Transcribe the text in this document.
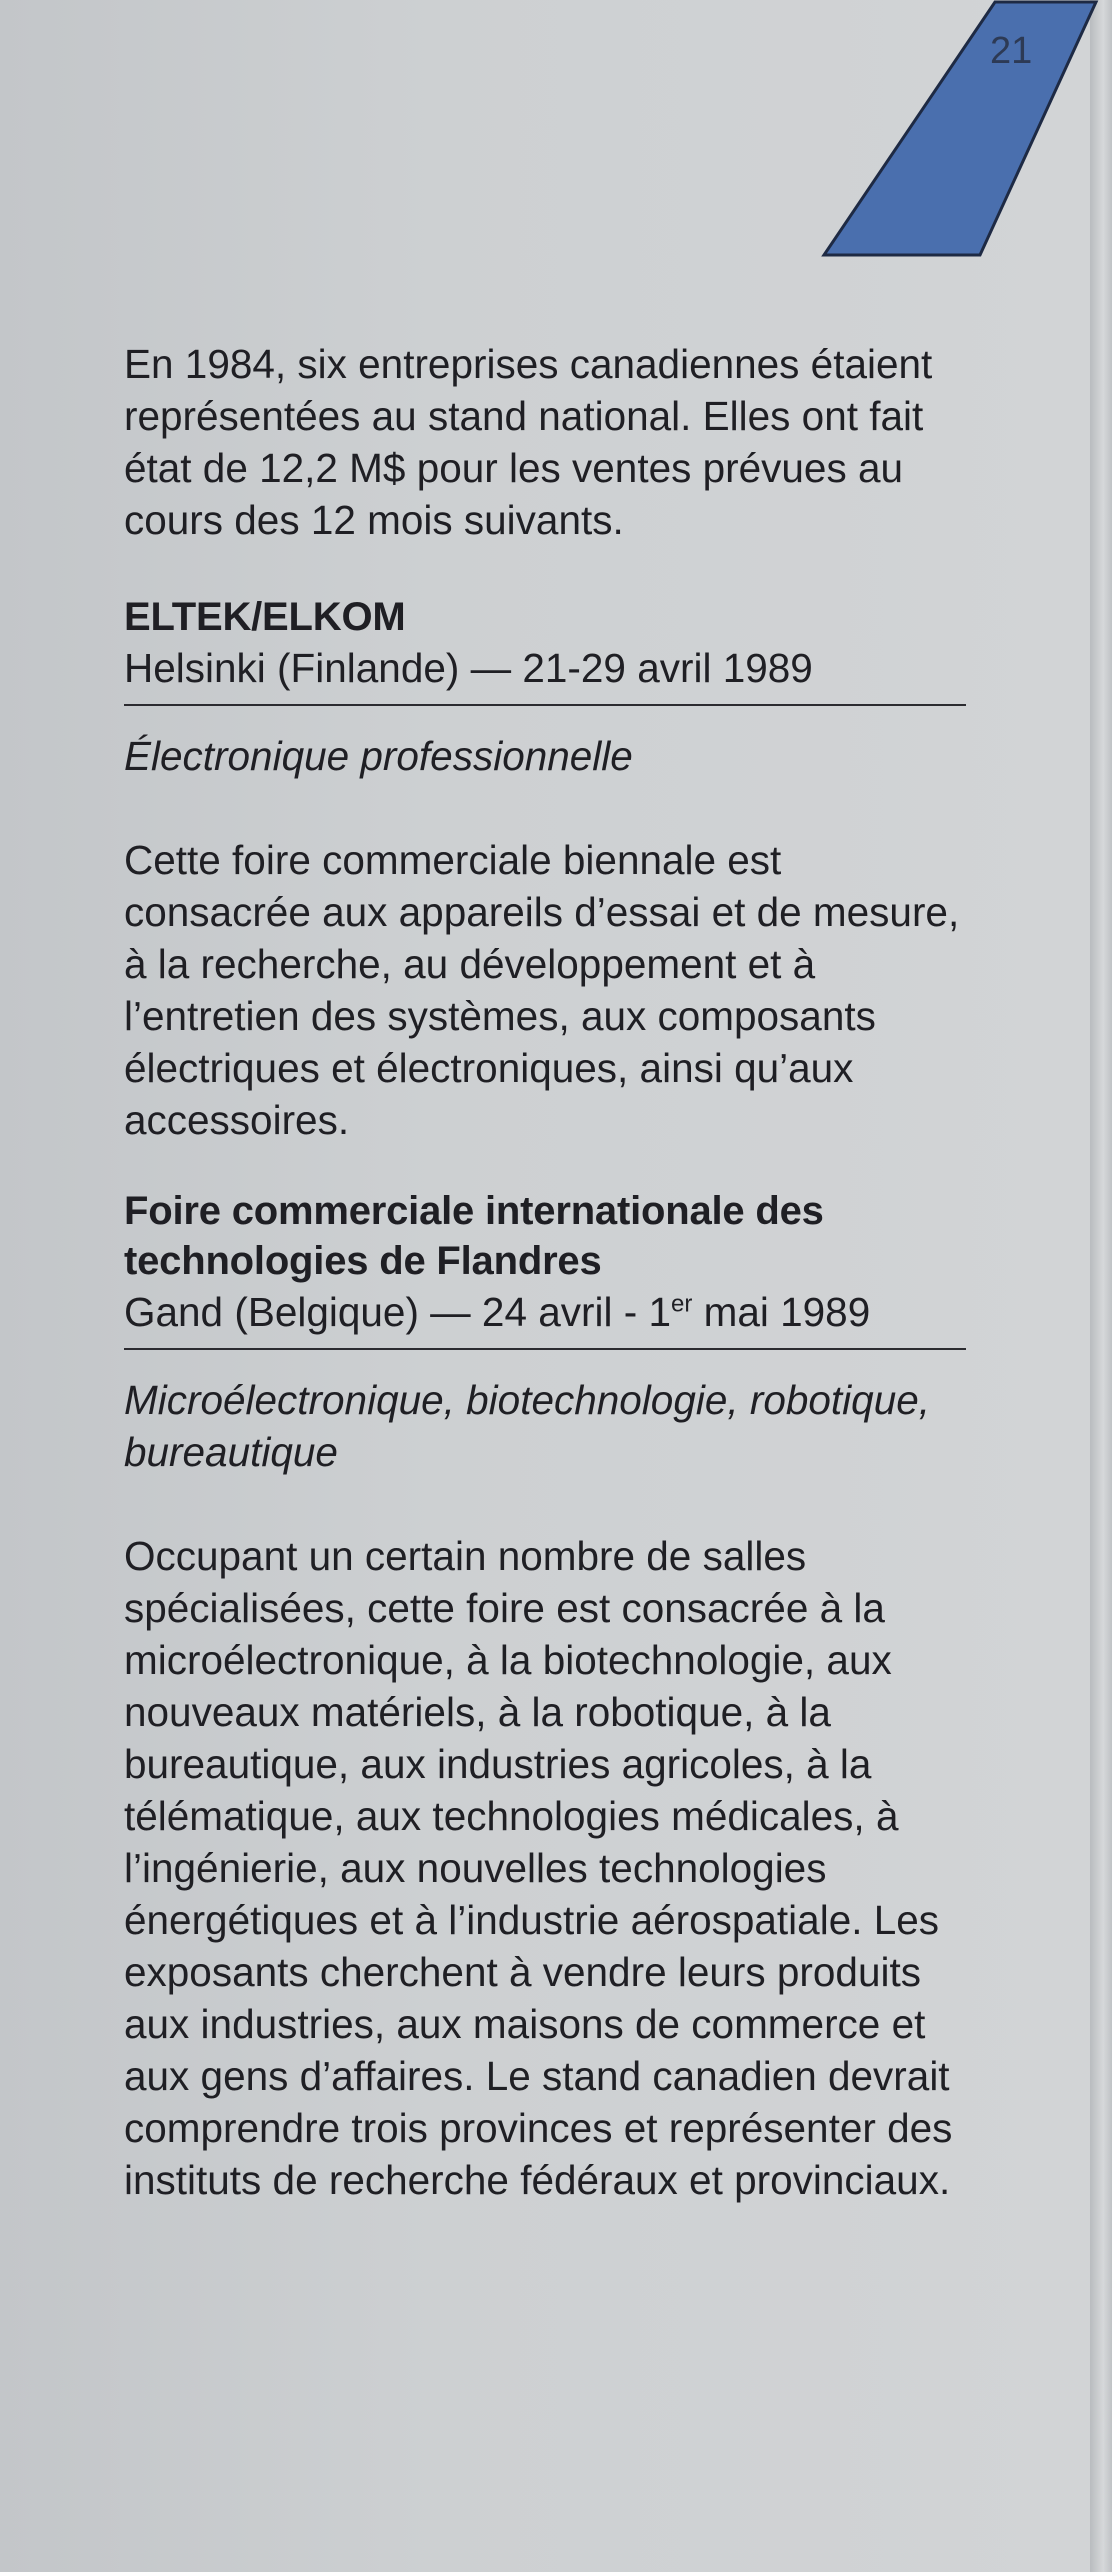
21

En 1984, six entreprises canadiennes étaient représentées au stand national. Elles ont fait état de 12,2 M$ pour les ventes prévues au cours des 12 mois suivants.

ELTEK/ELKOM

Helsinki (Finlande) — 21-29 avril 1989
Électronique professionnelle

Cette foire commerciale biennale est consacrée aux appareils d’essai et de mesure, à la recherche, au développement et à l’entretien des systèmes, aux composants électriques et électroniques, ainsi qu’aux accessoires.

Foire commerciale internationale des technologies de Flandres

Gand (Belgique) — 24 avril - 1er mai 1989
Microélectronique, biotechnologie, robotique, bureautique

Occupant un certain nombre de salles spécialisées, cette foire est consacrée à la microélectronique, à la biotechnologie, aux nouveaux matériels, à la robotique, à la bureautique, aux industries agricoles, à la télématique, aux technologies médicales, à l’ingénierie, aux nouvelles technologies énergétiques et à l’industrie aérospatiale. Les exposants cherchent à vendre leurs produits aux industries, aux maisons de commerce et aux gens d’affaires. Le stand canadien devrait comprendre trois provinces et représenter des instituts de recherche fédéraux et provinciaux.
